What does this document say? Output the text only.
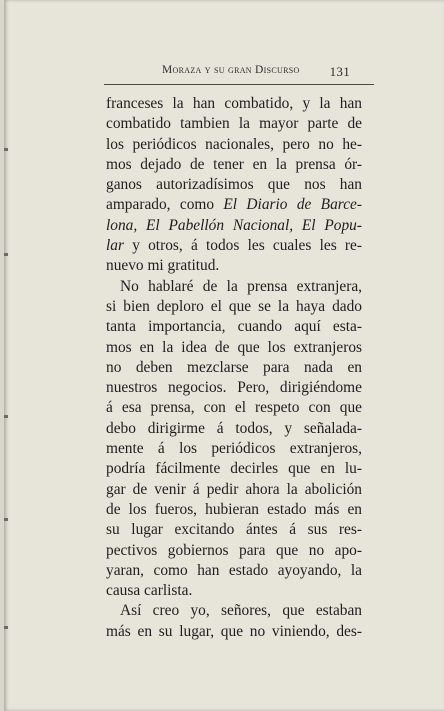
Moraza y su gran Discurso 131
franceses la han combatido, y la han
combatido tambien la mayor parte de
los periódicos nacionales, pero no he-
mos dejado de tener en la prensa ór-
ganos autorizadísimos que nos han
amparado, como El Diario de Barce-
lona, El Pabellón Nacional, El Popu-
lar y otros, á todos les cuales les re-
nuevo mi gratitud.
No hablaré de la prensa extranjera,
si bien deploro el que se la haya dado
tanta importancia, cuando aquí esta-
mos en la idea de que los extranjeros
no deben mezclarse para nada en
nuestros negocios. Pero, dirigiéndome
á esa prensa, con el respeto con que
debo dirigirme á todos, y señalada-
mente á los periódicos extranjeros,
podría fácilmente decirles que en lu-
gar de venir á pedir ahora la abolición
de los fueros, hubieran estado más en
su lugar excitando ántes á sus res-
pectivos gobiernos para que no apo-
yaran, como han estado ayoyando, la
causa carlista.
Así creo yo, señores, que estaban
más en su lugar, que no viniendo, des-
